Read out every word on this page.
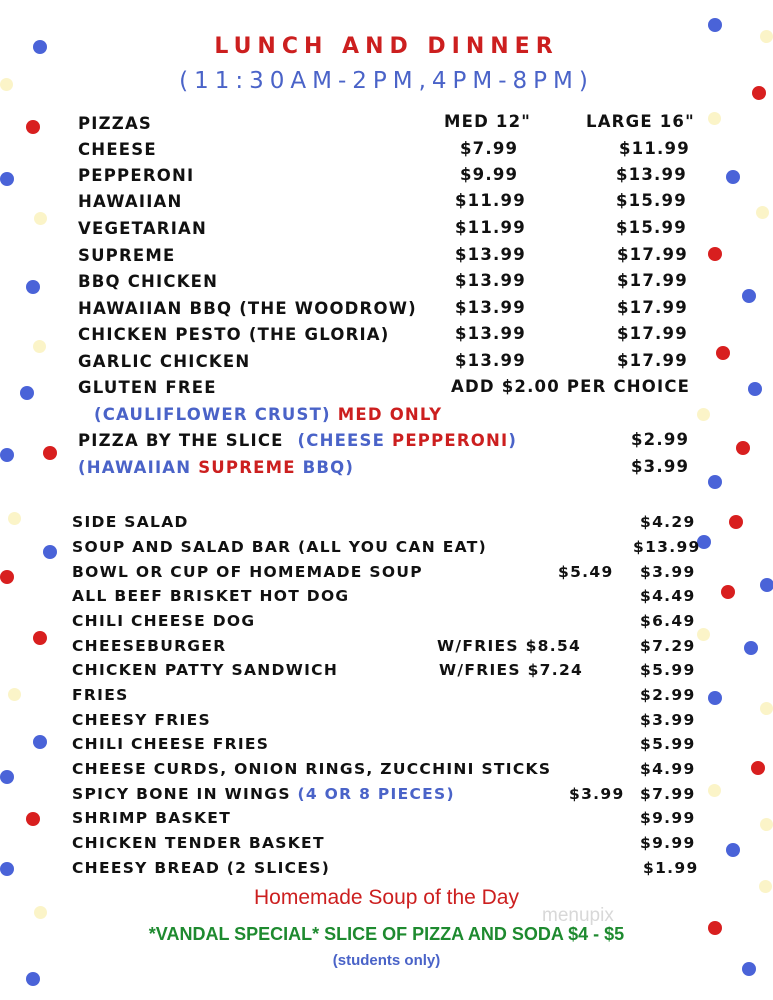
LUNCH AND DINNER
(11:30AM-2PM,4PM-8PM)
PIZZAS	MED 12"	LARGE 16"
CHEESE	$7.99	$11.99
PEPPERONI	$9.99	$13.99
HAWAIIAN	$11.99	$15.99
VEGETARIAN	$11.99	$15.99
SUPREME	$13.99	$17.99
BBQ CHICKEN	$13.99	$17.99
HAWAIIAN BBQ (THE WOODROW) $13.99	$17.99
CHICKEN PESTO (THE GLORIA)	$13.99	$17.99
GARLIC CHICKEN	$13.99	$17.99
GLUTEN FREE	ADD $2.00 PER CHOICE
(CAULIFLOWER CRUST) MED ONLY
PIZZA BY THE SLICE (CHEESE PEPPERONI)	$2.99
(HAWAIIAN SUPREME BBQ)	$3.99
SIDE SALAD	$4.29
SOUP AND SALAD BAR (ALL YOU CAN EAT)	$13.99
BOWL OR CUP OF HOMEMADE SOUP	$5.49 $3.99
ALL BEEF BRISKET HOT DOG	$4.49
CHILI CHEESE DOG	$6.49
CHEESEBURGER	W/FRIES $8.54	$7.29
CHICKEN PATTY SANDWICH	W/FRIES $7.24	$5.99
FRIES	$2.99
CHEESY FRIES	$3.99
CHILI CHEESE FRIES	$5.99
CHEESE CURDS, ONION RINGS, ZUCCHINI STICKS	$4.99
SPICY BONE IN WINGS (4 OR 8 PIECES)	$3.99 $7.99
SHRIMP BASKET	$9.99
CHICKEN TENDER BASKET	$9.99
CHEESY BREAD (2 SLICES)	$1.99
Homemade Soup of the Day
menupix
*VANDAL SPECIAL* SLICE OF PIZZA AND SODA $4 - $5
(students only)
